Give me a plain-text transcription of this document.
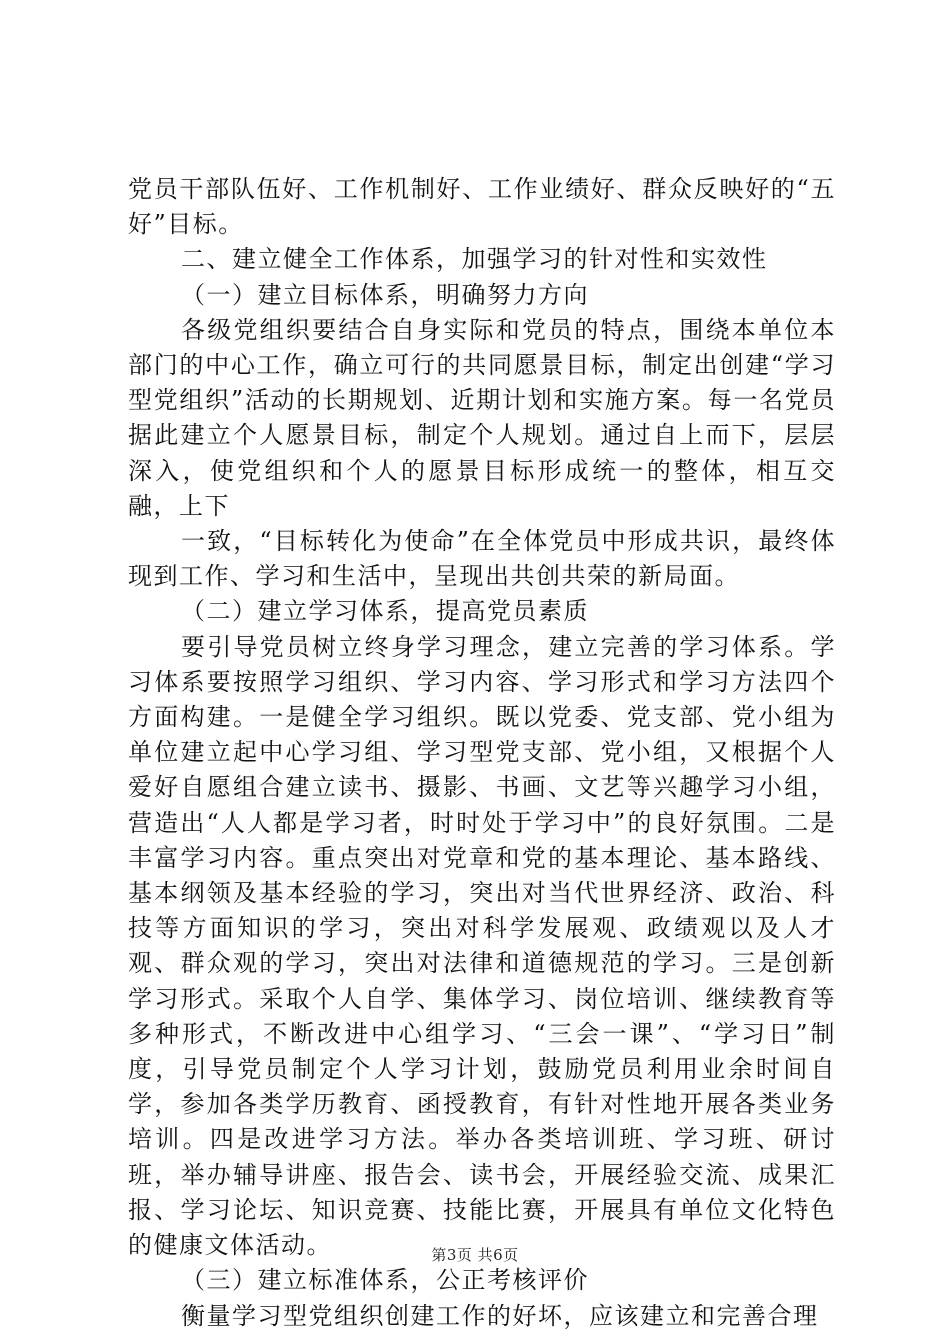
党员干部队伍好、工作机制好、工作业绩好、群众反映好的“五好”目标。

二、建立健全工作体系，加强学习的针对性和实效性

（一）建立目标体系，明确努力方向

各级党组织要结合自身实际和党员的特点，围绕本单位本部门的中心工作，确立可行的共同愿景目标，制定出创建“学习型党组织”活动的长期规划、近期计划和实施方案。每一名党员据此建立个人愿景目标，制定个人规划。通过自上而下，层层深入，使党组织和个人的愿景目标形成统一的整体，相互交融，上下

一致，“目标转化为使命”在全体党员中形成共识，最终体现到工作、学习和生活中，呈现出共创共荣的新局面。

（二）建立学习体系，提高党员素质

要引导党员树立终身学习理念，建立完善的学习体系。学习体系要按照学习组织、学习内容、学习形式和学习方法四个方面构建。一是健全学习组织。既以党委、党支部、党小组为单位建立起中心学习组、学习型党支部、党小组，又根据个人爱好自愿组合建立读书、摄影、书画、文艺等兴趣学习小组，营造出“人人都是学习者，时时处于学习中”的良好氛围。二是丰富学习内容。重点突出对党章和党的基本理论、基本路线、基本纲领及基本经验的学习，突出对当代世界经济、政治、科技等方面知识的学习，突出对科学发展观、政绩观以及人才观、群众观的学习，突出对法律和道德规范的学习。三是创新学习形式。采取个人自学、集体学习、岗位培训、继续教育等多种形式，不断改进中心组学习、“三会一课”、“学习日”制度，引导党员制定个人学习计划，鼓励党员利用业余时间自学，参加各类学历教育、函授教育，有针对性地开展各类业务培训。四是改进学习方法。举办各类培训班、学习班、研讨班，举办辅导讲座、报告会、读书会，开展经验交流、成果汇报、学习论坛、知识竞赛、技能比赛，开展具有单位文化特色的健康文体活动。

（三）建立标准体系，公正考核评价

衡量学习型党组织创建工作的好坏，应该建立和完善合理

第3页 共6页
